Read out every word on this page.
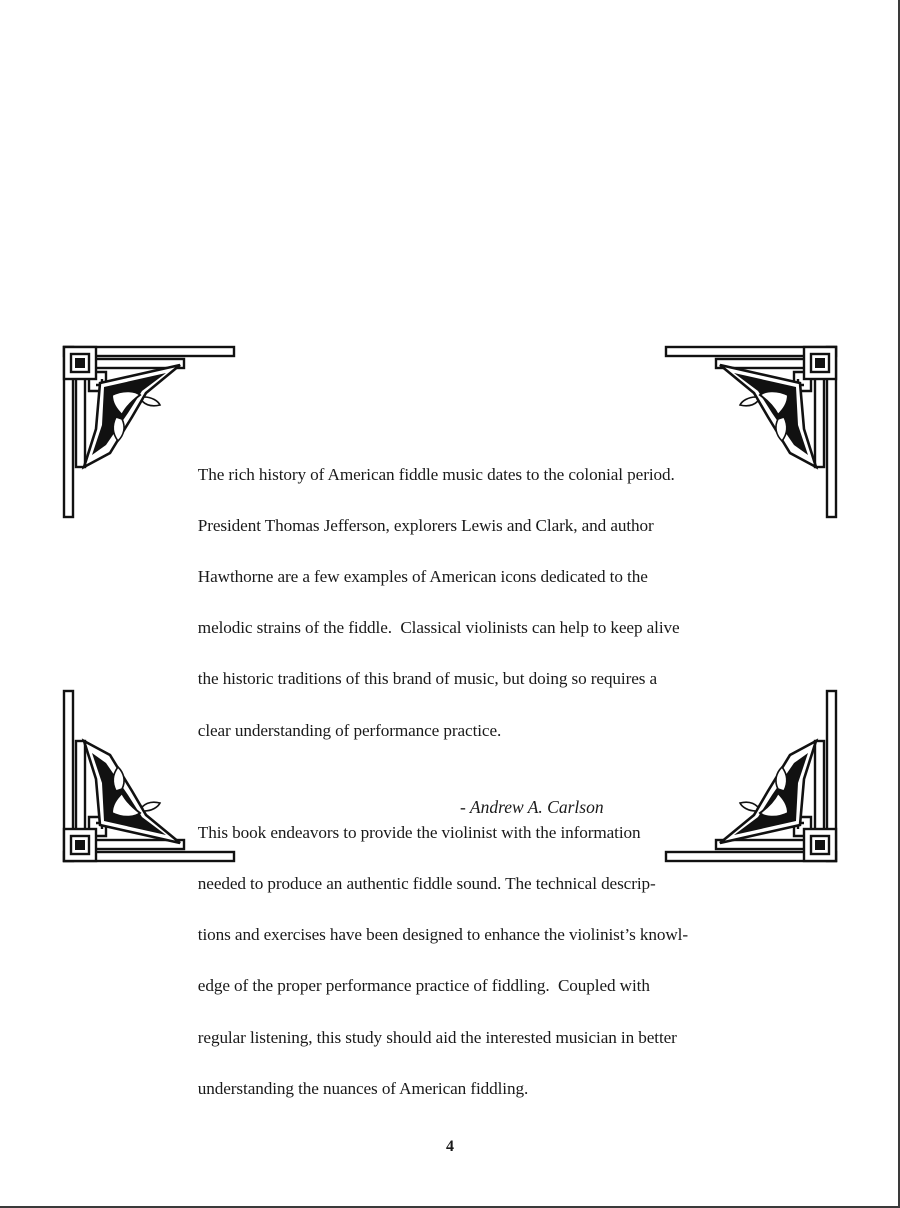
The rich history of American fiddle music dates to the colonial period.

President Thomas Jefferson, explorers Lewis and Clark, and author

Hawthorne are a few examples of American icons dedicated to the

melodic strains of the fiddle.  Classical violinists can help to keep alive

the historic traditions of this brand of music, but doing so requires a

clear understanding of performance practice.

This book endeavors to provide the violinist with the information

needed to produce an authentic fiddle sound. The technical descrip-

tions and exercises have been designed to enhance the violinist’s knowl-

edge of the proper performance practice of fiddling.  Coupled with

regular listening, this study should aid the interested musician in better

understanding the nuances of American fiddling.

- Andrew A. Carlson
4
